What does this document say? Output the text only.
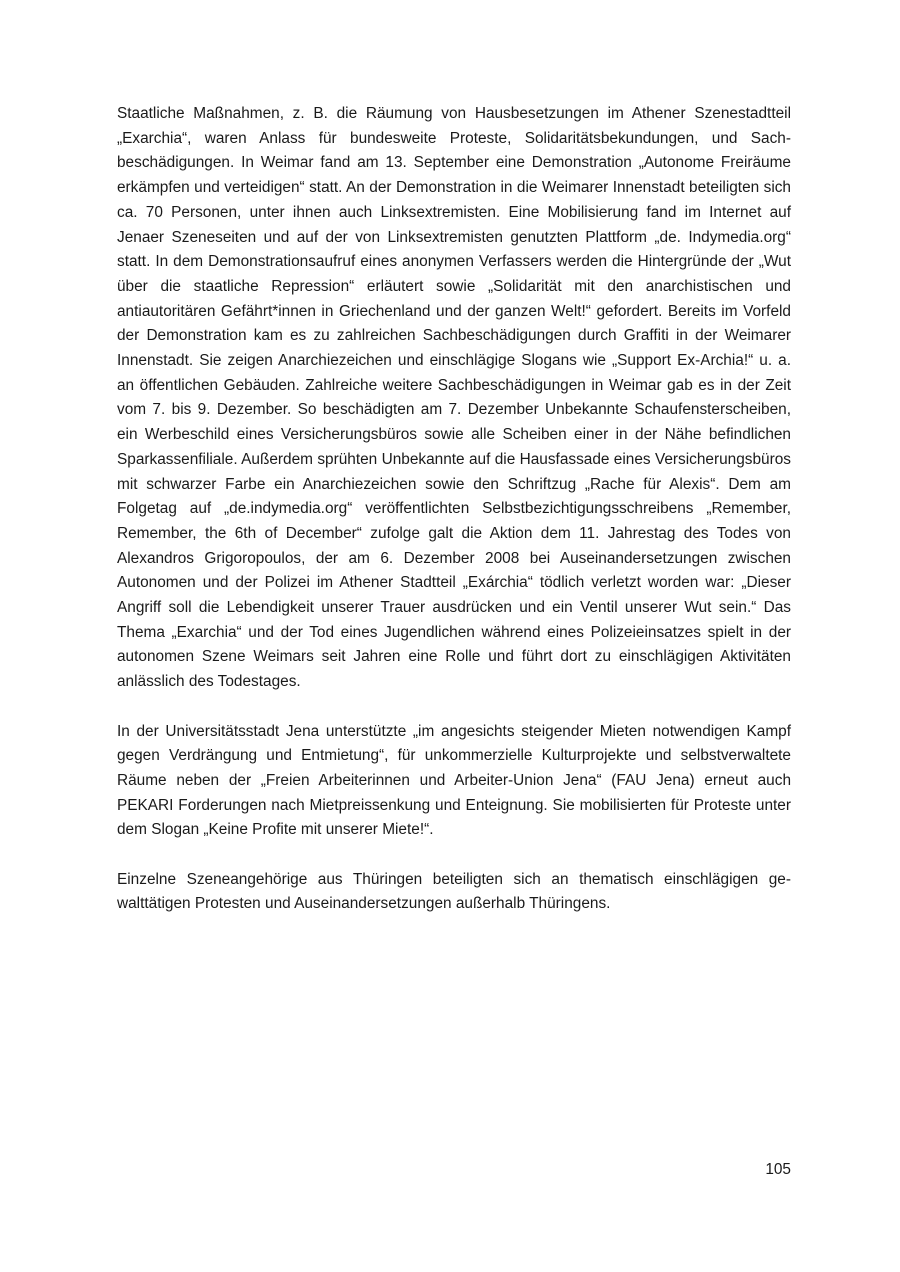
Staatliche Maßnahmen, z. B. die Räumung von Hausbesetzungen im Athener Szenestadtteil „Exarchia“, waren Anlass für bundesweite Proteste, Solidaritätsbekundungen, und Sachbeschädigungen. In Weimar fand am 13. September eine Demonstration „Autonome Freiräume erkämpfen und verteidigen“ statt. An der Demonstration in die Weimarer Innenstadt beteiligten sich ca. 70 Personen, unter ihnen auch Linksextremisten. Eine Mobilisierung fand im Internet auf Jenaer Szeneseiten und auf der von Linksextremisten genutzten Plattform „de. Indymedia.org“ statt. In dem Demonstrationsaufruf eines anonymen Verfassers werden die Hintergründe der „Wut über die staatliche Repression“ erläutert sowie „Solidarität mit den anarchistischen und antiautoritären Gefährt*innen in Griechenland und der ganzen Welt!“ gefordert. Bereits im Vorfeld der Demonstration kam es zu zahlreichen Sachbeschädigungen durch Graffiti in der Weimarer Innenstadt. Sie zeigen Anarchiezeichen und einschlägige Slogans wie „Support Ex-Archia!“ u. a. an öffentlichen Gebäuden. Zahlreiche weitere Sachbeschädigungen in Weimar gab es in der Zeit vom 7. bis 9. Dezember. So beschädigten am 7. Dezember Unbekannte Schaufensterscheiben, ein Werbeschild eines Versicherungsbüros sowie alle Scheiben einer in der Nähe befindlichen Sparkassenfiliale. Außerdem sprühten Unbekannte auf die Hausfassade eines Versicherungsbüros mit schwarzer Farbe ein Anarchiezeichen sowie den Schriftzug „Rache für Alexis“. Dem am Folgetag auf „de.indymedia.org“ veröffentlichten Selbstbezichtigungsschreibens „Remember, Remember, the 6th of December“ zufolge galt die Aktion dem 11. Jahrestag des Todes von Alexandros Grigoropoulos, der am 6. Dezember 2008 bei Auseinandersetzungen zwischen Autonomen und der Polizei im Athener Stadtteil „Exárchia“ tödlich verletzt worden war: „Dieser Angriff soll die Lebendigkeit unserer Trauer ausdrücken und ein Ventil unserer Wut sein.“ Das Thema „Exarchia“ und der Tod eines Jugendlichen während eines Polizeieinsatzes spielt in der autonomen Szene Weimars seit Jahren eine Rolle und führt dort zu einschlägigen Aktivitäten anlässlich des Todestages.

In der Universitätsstadt Jena unterstützte „im angesichts steigender Mieten notwendigen Kampf gegen Verdrängung und Entmietung“, für unkommerzielle Kulturprojekte und selbstverwaltete Räume neben der „Freien Arbeiterinnen und Arbeiter-Union Jena“ (FAU Jena) erneut auch PEKARI Forderungen nach Mietpreissenkung und Enteignung. Sie mobilisierten für Proteste unter dem Slogan „Keine Profite mit unserer Miete!“.

Einzelne Szeneangehörige aus Thüringen beteiligten sich an thematisch einschlägigen gewalttätigen Protesten und Auseinandersetzungen außerhalb Thüringens.

105
